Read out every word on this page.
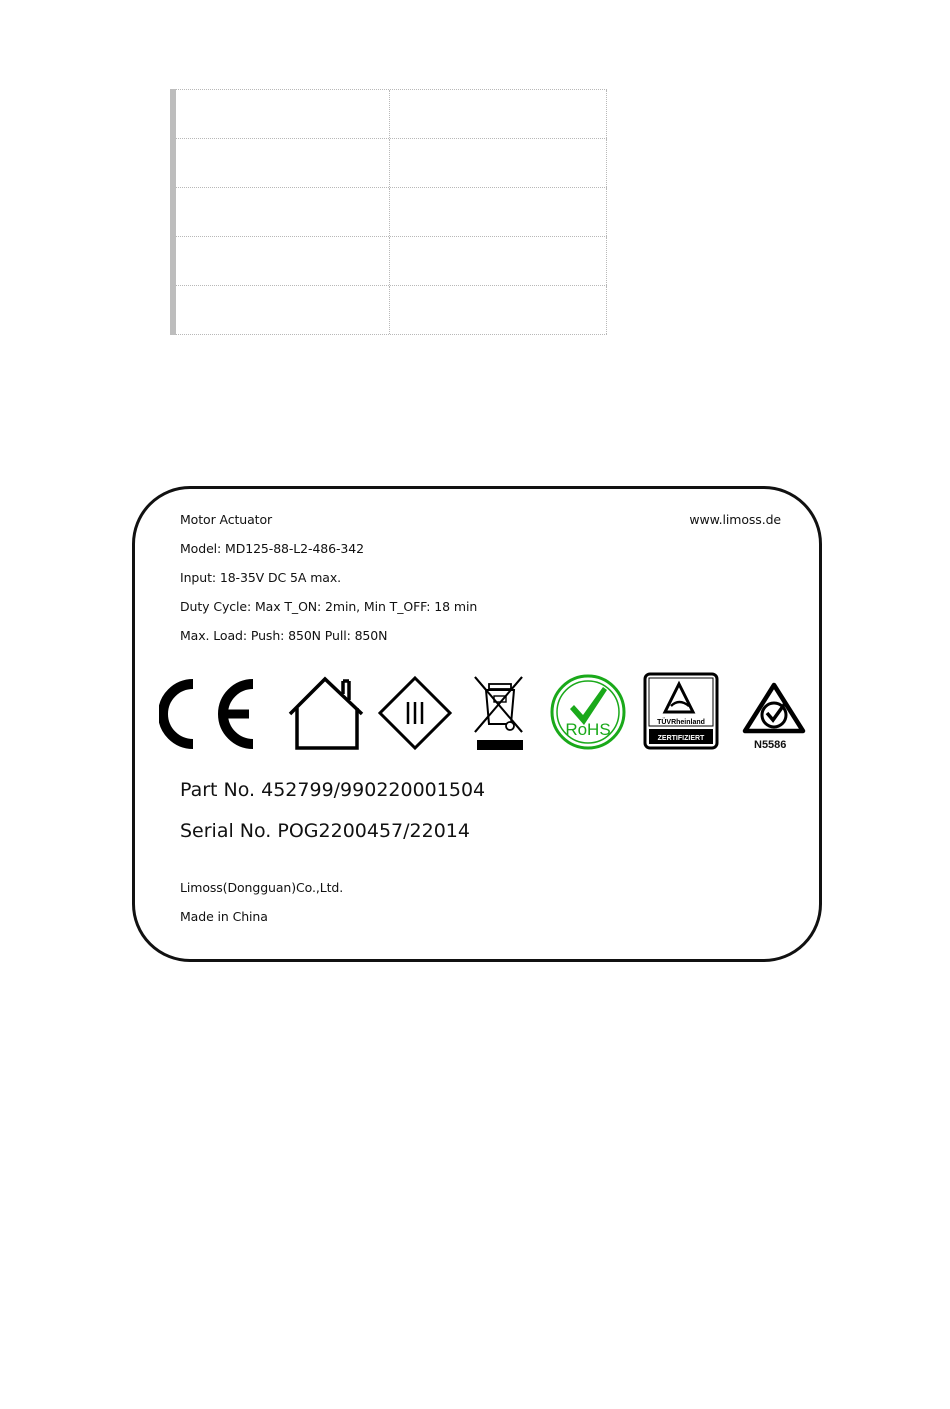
Motor Actuator	www.limoss.de
Model: MD125-88-L2-486-342
Input: 18-35V DC 5A max.
Duty Cycle: Max T_ON: 2min, Min T_OFF: 18 min
Max. Load: Push: 850N Pull: 850N
RoHS	TÜVRheinland
ZERTIFIZIERT
N5586
Part No. 452799/990220001504
Serial No. POG2200457/22014
Limoss(Dongguan)Co.,Ltd.
Made in China
